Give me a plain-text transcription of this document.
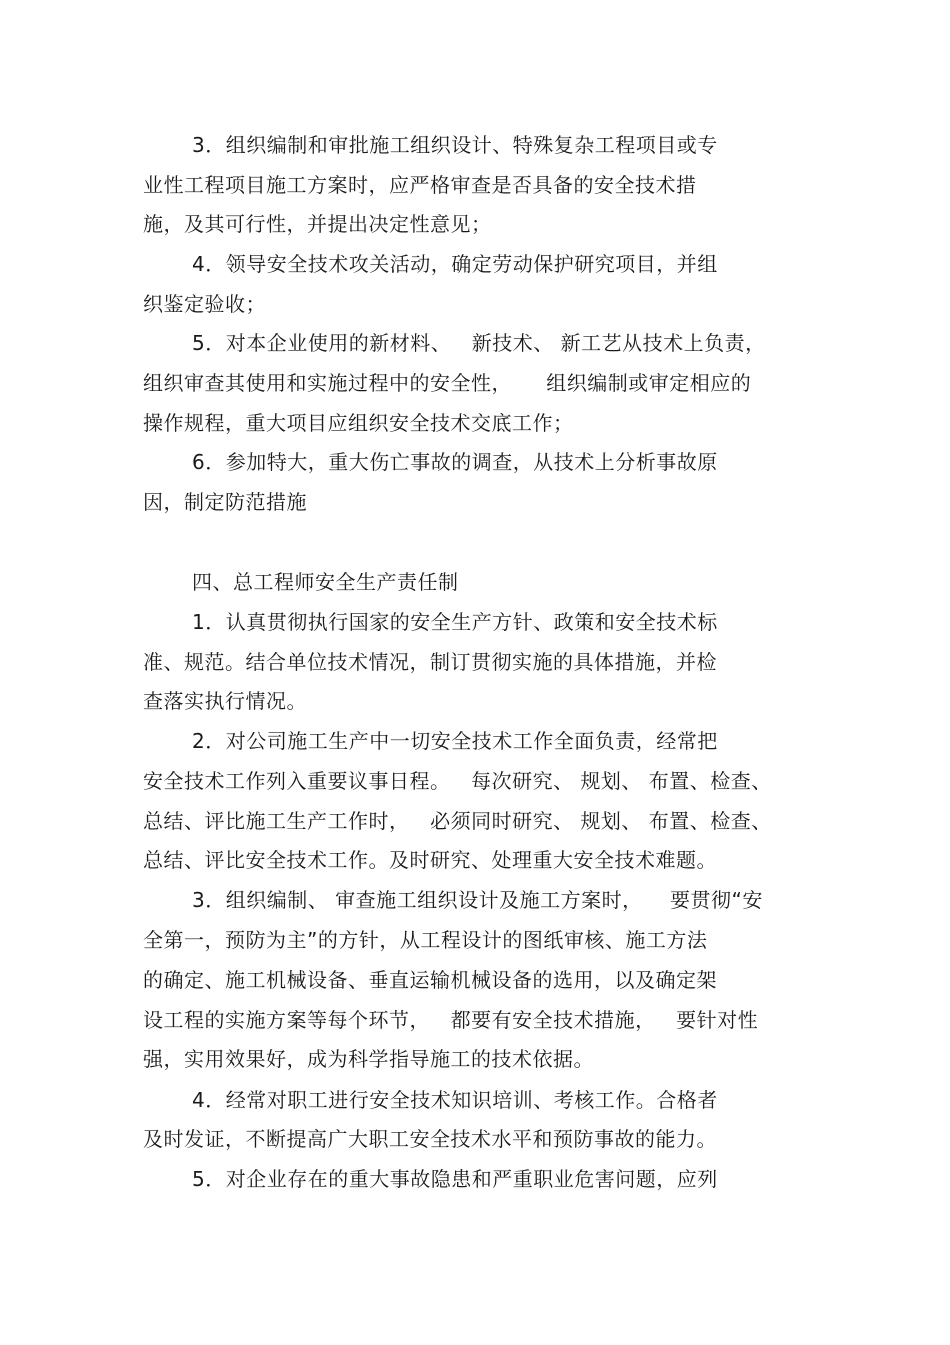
3．组织编制和审批施工组织设计、特殊复杂工程项目或专
业性工程项目施工方案时，应严格审查是否具备的安全技术措
施，及其可行性，并提出决定性意见；
4．领导安全技术攻关活动，确定劳动保护研究项目，并组
织鉴定验收；
5．对本企业使用的新材料、   新技术、 新工艺从技术上负责，
组织审查其使用和实施过程中的安全性，     组织编制或审定相应的
操作规程，重大项目应组织安全技术交底工作；
6．参加特大，重大伤亡事故的调查，从技术上分析事故原
因，制定防范措施
四、总工程师安全生产责任制
1．认真贯彻执行国家的安全生产方针、政策和安全技术标
准、规范。结合单位技术情况，制订贯彻实施的具体措施，并检
查落实执行情况。
2．对公司施工生产中一切安全技术工作全面负责，经常把
安全技术工作列入重要议事日程。   每次研究、 规划、 布置、检查、
总结、评比施工生产工作时，   必须同时研究、 规划、 布置、检查、
总结、评比安全技术工作。及时研究、处理重大安全技术难题。
3．组织编制、 审查施工组织设计及施工方案时，    要贯彻“安
全第一，预防为主”的方针，从工程设计的图纸审核、施工方法
的确定、施工机械设备、垂直运输机械设备的选用，以及确定架
设工程的实施方案等每个环节，   都要有安全技术措施，   要针对性
强，实用效果好，成为科学指导施工的技术依据。
4．经常对职工进行安全技术知识培训、考核工作。合格者
及时发证，不断提高广大职工安全技术水平和预防事故的能力。
5．对企业存在的重大事故隐患和严重职业危害问题，应列
